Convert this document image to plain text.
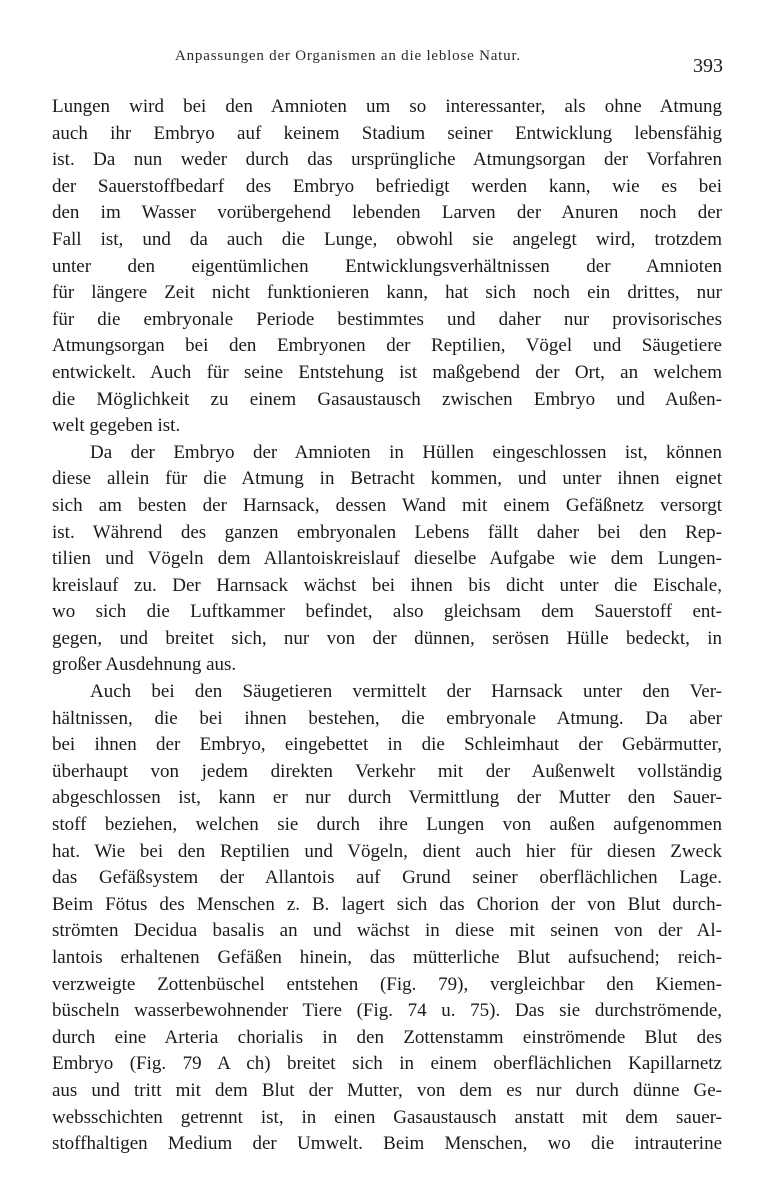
Anpassungen der Organismen an die leblose Natur.	393
Lungen wird bei den Amnioten um so interessanter, als ohne Atmung
auch ihr Embryo auf keinem Stadium seiner Entwicklung lebensfähig
ist. Da nun weder durch das ursprüngliche Atmungsorgan der Vorfahren
der Sauerstoffbedarf des Embryo befriedigt werden kann, wie es bei
den im Wasser vorübergehend lebenden Larven der Anuren noch der
Fall ist, und da auch die Lunge, obwohl sie angelegt wird, trotzdem
unter den eigentümlichen Entwicklungsverhältnissen der Amnioten
für längere Zeit nicht funktionieren kann, hat sich noch ein drittes, nur
für die embryonale Periode bestimmtes und daher nur provisorisches
Atmungsorgan bei den Embryonen der Reptilien, Vögel und Säugetiere
entwickelt. Auch für seine Entstehung ist maßgebend der Ort, an welchem
die Möglichkeit zu einem Gasaustausch zwischen Embryo und Außen-
welt gegeben ist.
Da der Embryo der Amnioten in Hüllen eingeschlossen ist, können
diese allein für die Atmung in Betracht kommen, und unter ihnen eignet
sich am besten der Harnsack, dessen Wand mit einem Gefäßnetz versorgt
ist. Während des ganzen embryonalen Lebens fällt daher bei den Rep-
tilien und Vögeln dem Allantoiskreislauf dieselbe Aufgabe wie dem Lungen-
kreislauf zu. Der Harnsack wächst bei ihnen bis dicht unter die Eischale,
wo sich die Luftkammer befindet, also gleichsam dem Sauerstoff ent-
gegen, und breitet sich, nur von der dünnen, serösen Hülle bedeckt, in
großer Ausdehnung aus.
Auch bei den Säugetieren vermittelt der Harnsack unter den Ver-
hältnissen, die bei ihnen bestehen, die embryonale Atmung. Da aber
bei ihnen der Embryo, eingebettet in die Schleimhaut der Gebärmutter,
überhaupt von jedem direkten Verkehr mit der Außenwelt vollständig
abgeschlossen ist, kann er nur durch Vermittlung der Mutter den Sauer-
stoff beziehen, welchen sie durch ihre Lungen von außen aufgenommen
hat. Wie bei den Reptilien und Vögeln, dient auch hier für diesen Zweck
das Gefäßsystem der Allantois auf Grund seiner oberflächlichen Lage.
Beim Fötus des Menschen z. B. lagert sich das Chorion der von Blut durch-
strömten Decidua basalis an und wächst in diese mit seinen von der Al-
lantois erhaltenen Gefäßen hinein, das mütterliche Blut aufsuchend; reich-
verzweigte Zottenbüschel entstehen (Fig. 79), vergleichbar den Kiemen-
büscheln wasserbewohnender Tiere (Fig. 74 u. 75). Das sie durchströmende,
durch eine Arteria chorialis in den Zottenstamm einströmende Blut des
Embryo (Fig. 79 A ch) breitet sich in einem oberflächlichen Kapillarnetz
aus und tritt mit dem Blut der Mutter, von dem es nur durch dünne Ge-
websschichten getrennt ist, in einen Gasaustausch anstatt mit dem sauer-
stoffhaltigen Medium der Umwelt. Beim Menschen, wo die intrauterine
